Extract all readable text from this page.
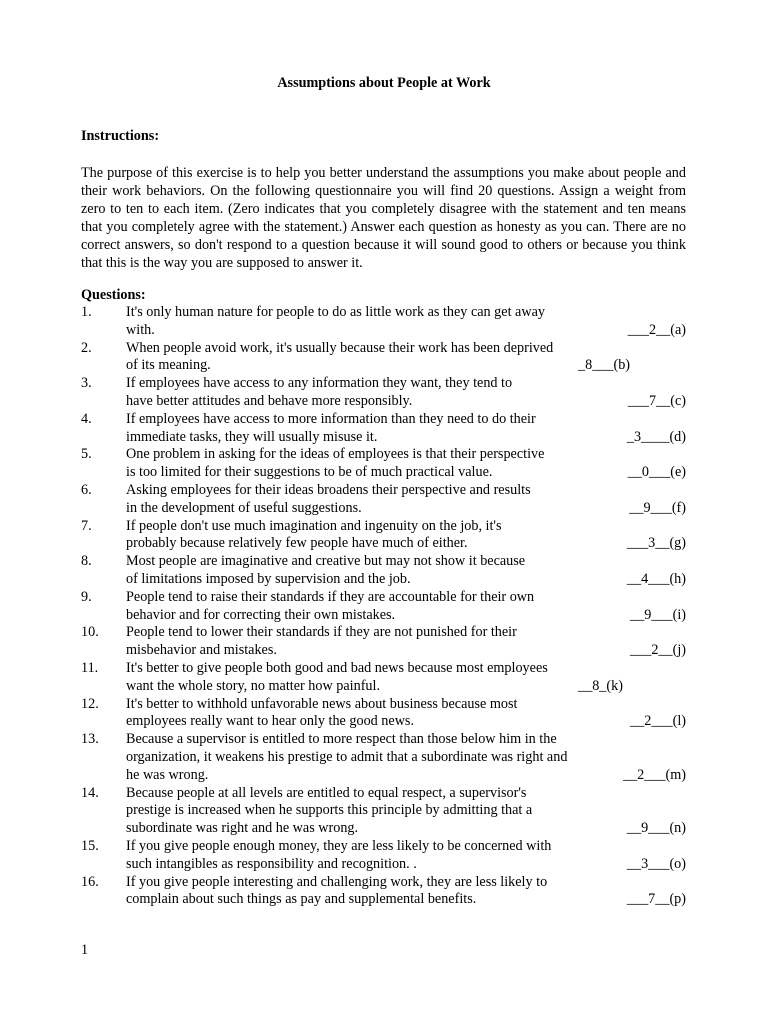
Assumptions about People at Work
Instructions:
The purpose of this exercise is to help you better understand the assumptions you make about people and their work behaviors. On the following questionnaire you will find 20 questions. Assign a weight from zero to ten to each item. (Zero indicates that you completely disagree with the statement and ten means that you completely agree with the statement.) Answer each question as honesty as you can. There are no correct answers, so don't respond to a question because it will sound good to others or because you think that this is the way you are supposed to answer it.
Questions:
1. It's only human nature for people to do as little work as they can get away
with.	___2__(a)
2. When people avoid work, it's usually because their work has been deprived
of its meaning.	_8___(b)
3. If employees have access to any information they want, they tend to
have better attitudes and behave more responsibly.	___7__(c)
4. If employees have access to more information than they need to do their
immediate tasks, they will usually misuse it.	_3____(d)
5. One problem in asking for the ideas of employees is that their perspective
is too limited for their suggestions to be of much practical value.	__0___(e)
6. Asking employees for their ideas broadens their perspective and results
in the development of useful suggestions.	__9___(f)
7. If people don't use much imagination and ingenuity on the job, it's
probably because relatively few people have much of either.	___3__(g)
8. Most people are imaginative and creative but may not show it because
of limitations imposed by supervision and the job.	__4___(h)
9. People tend to raise their standards if they are accountable for their own
behavior and for correcting their own mistakes.	__9___(i)
10. People tend to lower their standards if they are not punished for their
misbehavior and mistakes.	___2__(j)
11. It's better to give people both good and bad news because most employees
want the whole story, no matter how painful.	__8_(k)
12. It's better to withhold unfavorable news about business because most
employees really want to hear only the good news.	__2___(l)
13. Because a supervisor is entitled to more respect than those below him in the
organization, it weakens his prestige to admit that a subordinate was right and
he was wrong.	__2___(m)
14. Because people at all levels are entitled to equal respect, a supervisor's
prestige is increased when he supports this principle by admitting that a
subordinate was right and he was wrong.	__9___(n)
15. If you give people enough money, they are less likely to be concerned with
such intangibles as responsibility and recognition. .	__3___(o)
16. If you give people interesting and challenging work, they are less likely to
complain about such things as pay and supplemental benefits.	___7__(p)
1
